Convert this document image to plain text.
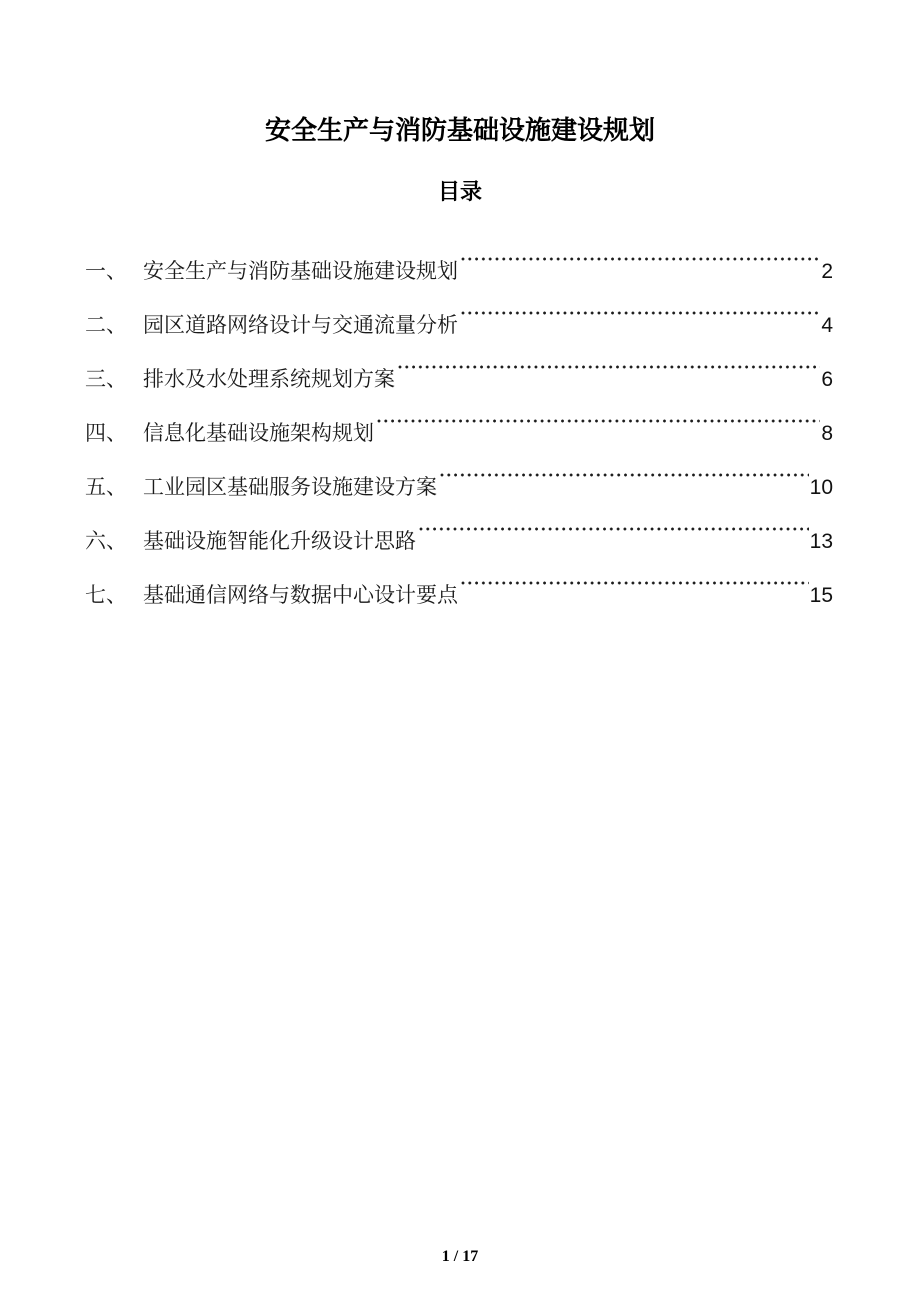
安全生产与消防基础设施建设规划
目录
一、 安全生产与消防基础设施建设规划	2
二、 园区道路网络设计与交通流量分析	4
三、 排水及水处理系统规划方案	6
四、 信息化基础设施架构规划	8
五、 工业园区基础服务设施建设方案	10
六、 基础设施智能化升级设计思路	13
七、 基础通信网络与数据中心设计要点	15
1 / 17
